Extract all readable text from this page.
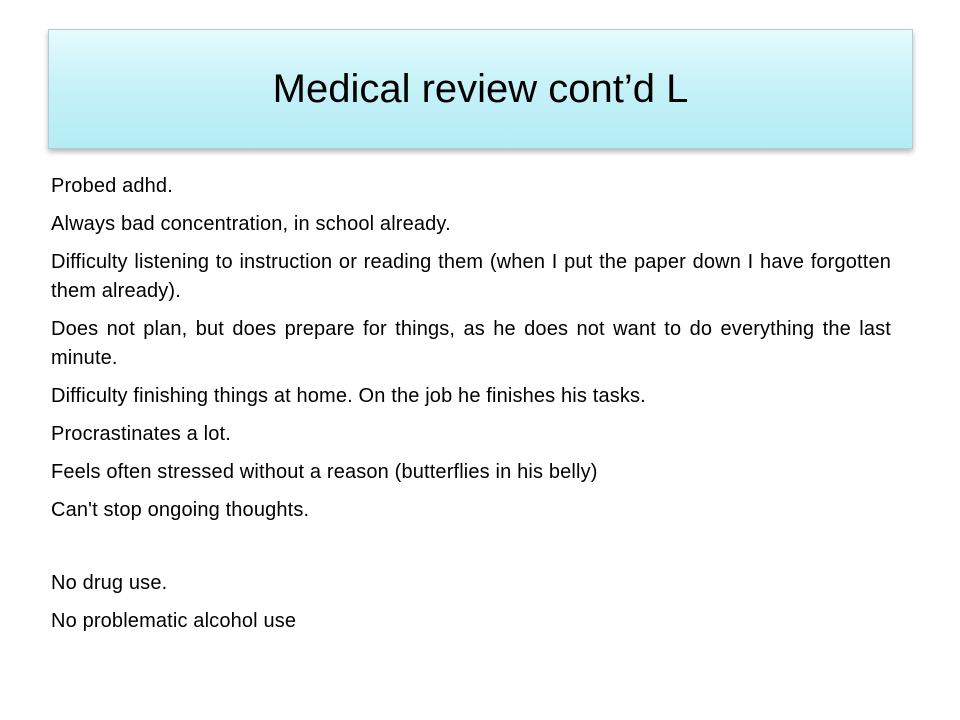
Medical review cont’d L
Probed adhd.
Always bad concentration, in school already.
Difficulty listening to instruction or reading them (when I put the paper down I have forgotten them already).
Does not plan, but does prepare for things, as he does not want to do everything the last minute.
Difficulty finishing things at home. On the job he finishes his tasks.
Procrastinates a lot.
Feels often stressed without a reason (butterflies in his belly)
Can't stop ongoing thoughts.
No drug use.
No problematic alcohol use
